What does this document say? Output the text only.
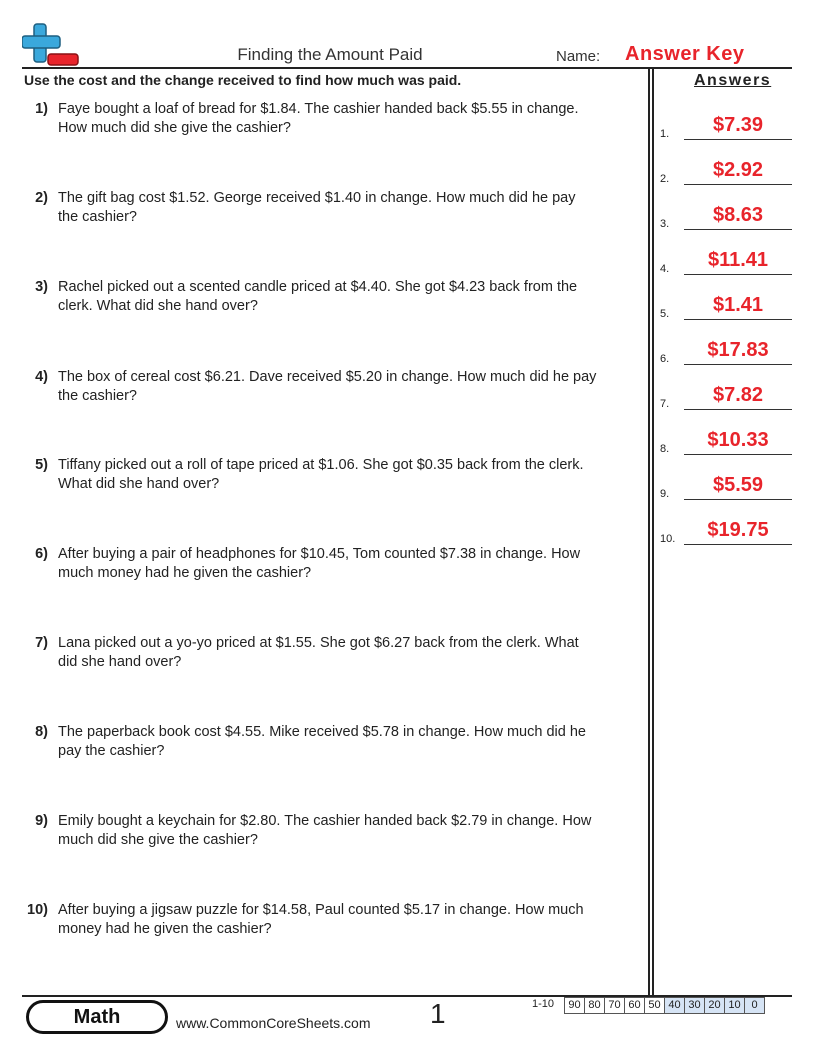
Finding the Amount Paid	Name: Answer Key
Use the cost and the change received to find how much was paid.	Answers
1) Faye bought a loaf of bread for $1.84. The cashier handed back $5.55 in change.
How much did she give the cashier?
2) The gift bag cost $1.52. George received $1.40 in change. How much did he pay
the cashier?
3) Rachel picked out a scented candle priced at $4.40. She got $4.23 back from the
clerk. What did she hand over?
4) The box of cereal cost $6.21. Dave received $5.20 in change. How much did he pay
the cashier?
5) Tiffany picked out a roll of tape priced at $1.06. She got $0.35 back from the clerk.
What did she hand over?
6) After buying a pair of headphones for $10.45, Tom counted $7.38 in change. How
much money had he given the cashier?
7) Lana picked out a yo-yo priced at $1.55. She got $6.27 back from the clerk. What
did she hand over?
8) The paperback book cost $4.55. Mike received $5.78 in change. How much did he
pay the cashier?
9) Emily bought a keychain for $2.80. The cashier handed back $2.79 in change. How
much did she give the cashier?
10) After buying a jigsaw puzzle for $14.58, Paul counted $5.17 in change. How much
money had he given the cashier?
1.	$7.39
2.	$2.92
3.	$8.63
4.	$11.41
5.	$1.41
6.	$17.83
7.	$7.82
8.	$10.33
9.	$5.59
10.	$19.75
Math	www.CommonCoreSheets.com 1	1-10	90 80 70 60 50 40 30 20 10 0
